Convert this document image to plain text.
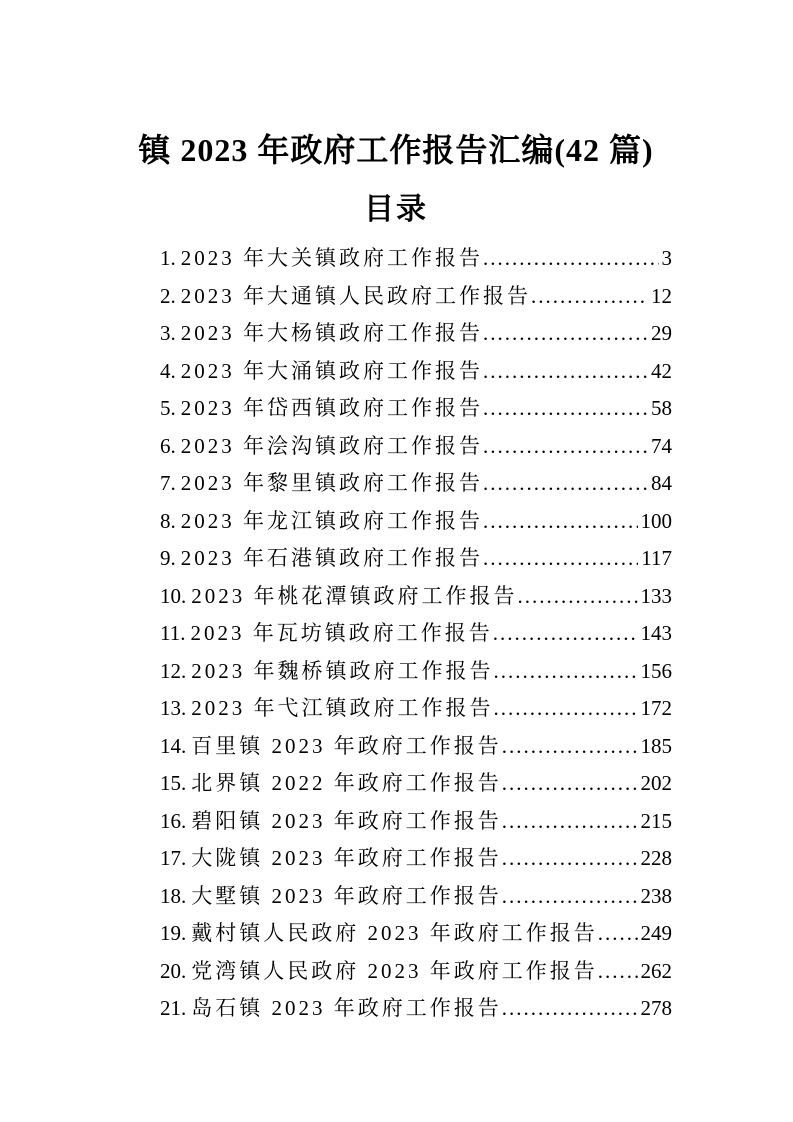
镇 2023 年政府工作报告汇编(42 篇)
目录
1. 2023 年大关镇政府工作报告 .....	3
2. 2023 年大通镇人民政府工作报告 .....	12
3. 2023 年大杨镇政府工作报告 .....	29
4. 2023 年大涌镇政府工作报告 .....	42
5. 2023 年岱西镇政府工作报告 .....	58
6. 2023 年浍沟镇政府工作报告 .....	74
7. 2023 年黎里镇政府工作报告 .....	84
8. 2023 年龙江镇政府工作报告 .....	100
9. 2023 年石港镇政府工作报告 .....	117
10. 2023 年桃花潭镇政府工作报告 .....	133
11. 2023 年瓦坊镇政府工作报告 .....	143
12. 2023 年魏桥镇政府工作报告 .....	156
13. 2023 年弋江镇政府工作报告 .....	172
14. 百里镇 2023 年政府工作报告 .....	185
15. 北界镇 2022 年政府工作报告 .....	202
16. 碧阳镇 2023 年政府工作报告 .....	215
17. 大陇镇 2023 年政府工作报告 .....	228
18. 大墅镇 2023 年政府工作报告 .....	238
19. 戴村镇人民政府 2023 年政府工作报告 ..... 249
20. 党湾镇人民政府 2023 年政府工作报告 ..... 262
21. 岛石镇 2023 年政府工作报告 .....	278
